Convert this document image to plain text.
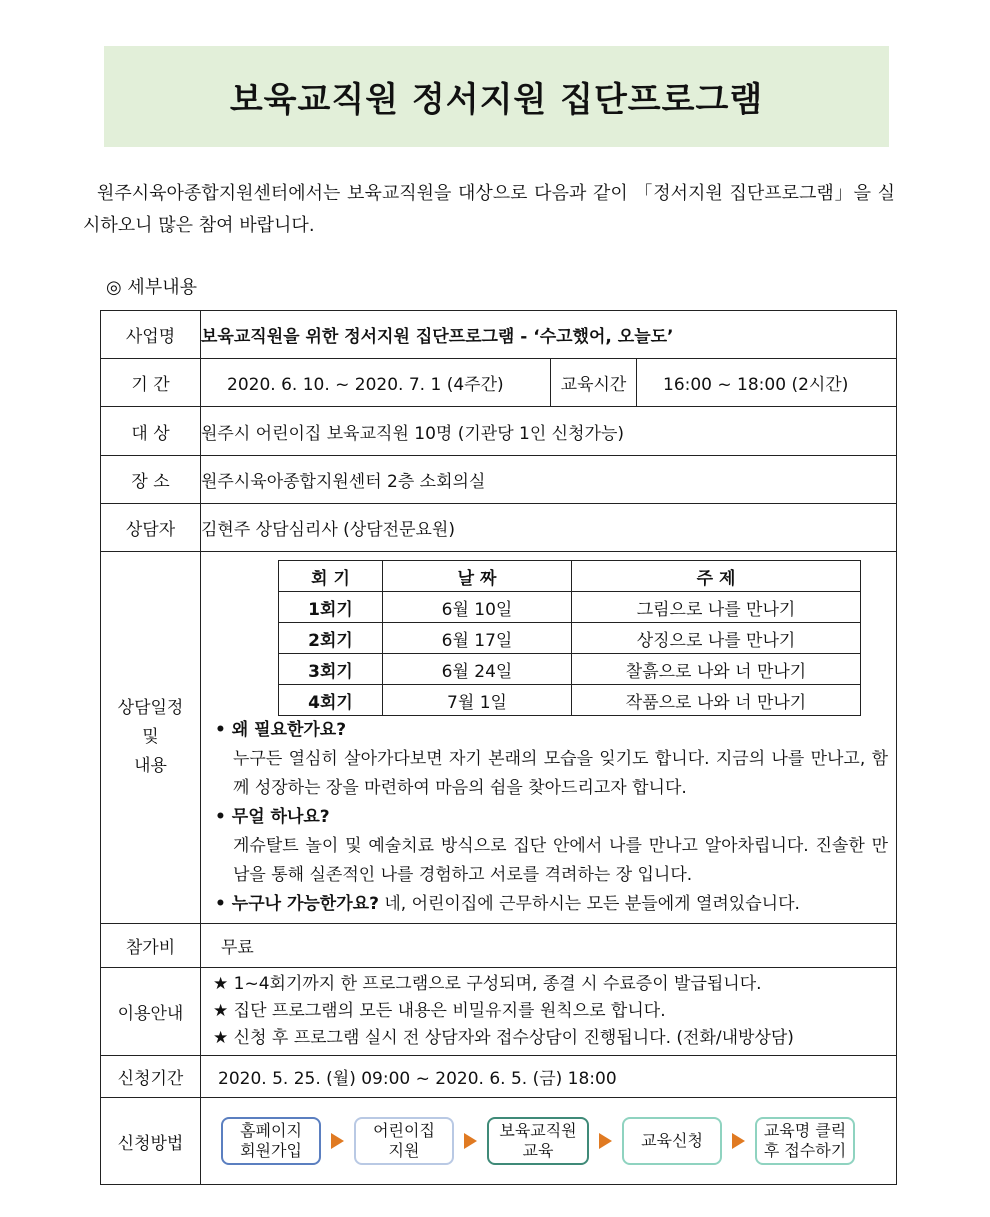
보육교직원 정서지원 집단프로그램
원주시육아종합지원센터에서는 보육교직원을 대상으로 다음과 같이 「정서지원 집단프로그램」을 실시하오니 많은 참여 바랍니다.
◎ 세부내용
사업명	보육교직원을 위한 정서지원 집단프로그램 - ‘수고했어, 오늘도’
기 간	2020. 6. 10. ~ 2020. 7. 1 (4주간)	교육시간	16:00 ~ 18:00 (2시간)

대 상	원주시 어린이집 보육교직원 10명 (기관당 1인 신청가능)
장 소	원주시육아종합지원센터 2층 소회의실
상담자	김현주 상담심리사 (상담전문요원)
상담일정
및
내용	
회 기	날 짜	주 제
1회기	6월 10일	그림으로 나를 만나기
2회기	6월 17일	상징으로 나를 만나기
3회기	6월 24일	찰흙으로 나와 너 만나기
4회기	7월 1일	작품으로 나와 너 만나기
• 왜 필요한가요?
누구든 열심히 살아가다보면 자기 본래의 모습을 잊기도 합니다. 지금의 나를 만나고, 함께 성장하는 장을 마련하여 마음의 쉼을 찾아드리고자 합니다.
• 무얼 하나요?
게슈탈트 놀이 및 예술치료 방식으로 집단 안에서 나를 만나고 알아차립니다. 진솔한 만남을 통해 실존적인 나를 경험하고 서로를 격려하는 장 입니다.
• 누구나 가능한가요? 네, 어린이집에 근무하시는 모든 분들에게 열려있습니다.

참가비	무료
이용안내	
★ 1~4회기까지 한 프로그램으로 구성되며, 종결 시 수료증이 발급됩니다.
★ 집단 프로그램의 모든 내용은 비밀유지를 원칙으로 합니다.
★ 신청 후 프로그램 실시 전 상담자와 접수상담이 진행됩니다. (전화/내방상담)

신청기간	2020. 5. 25. (월) 09:00 ~ 2020. 6. 5. (금) 18:00
신청방법	
홈페이지
회원가입
어린이집
지원
보육교직원
교육
교육신청
교육명 클릭
후 접수하기
